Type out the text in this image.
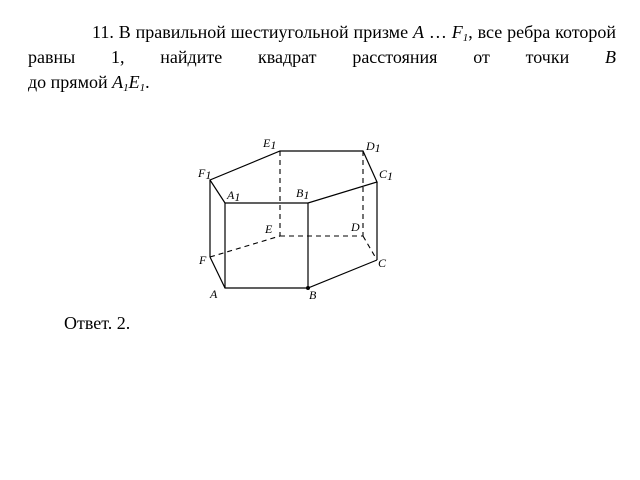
11. В правильной шестиугольной призме A … $F_1$, все ребра которой равны 1, найдите квадрат расстояния от точки B
до прямой $A_1E_1$.

E1	D1
F1	C1
A1	B1
E	D
F	C
A	B

Ответ. 2.
